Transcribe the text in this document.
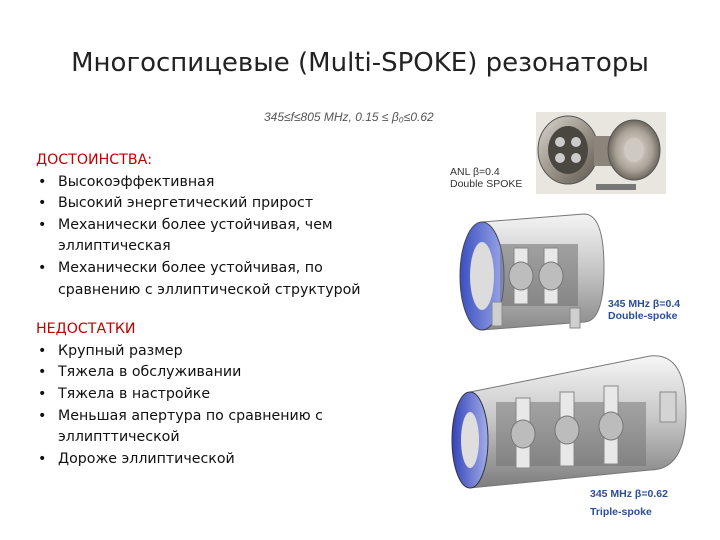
Многоспицевые (Multi-SPOKE) резонаторы
345≤f≤805 MHz, 0.15 ≤ β₀≤0.62
ДОСТОИНСТВА:
• Высокоэффективная
• Высокий энергетический прирост
• Механически более устойчивая, чем эллиптическая
• Механически более устойчивая, по сравнению с эллиптической структурой
НЕДОСТАТКИ
• Крупный размер
• Тяжела в обслуживании
• Тяжела в настройке
• Меньшая апертура по сравнению с эллипттической
• Дороже эллиптической
ANL β=0.4
Double SPOKE
345 MHz β=0.4
Double-spoke
345 MHz β=0.62
Triple-spoke
